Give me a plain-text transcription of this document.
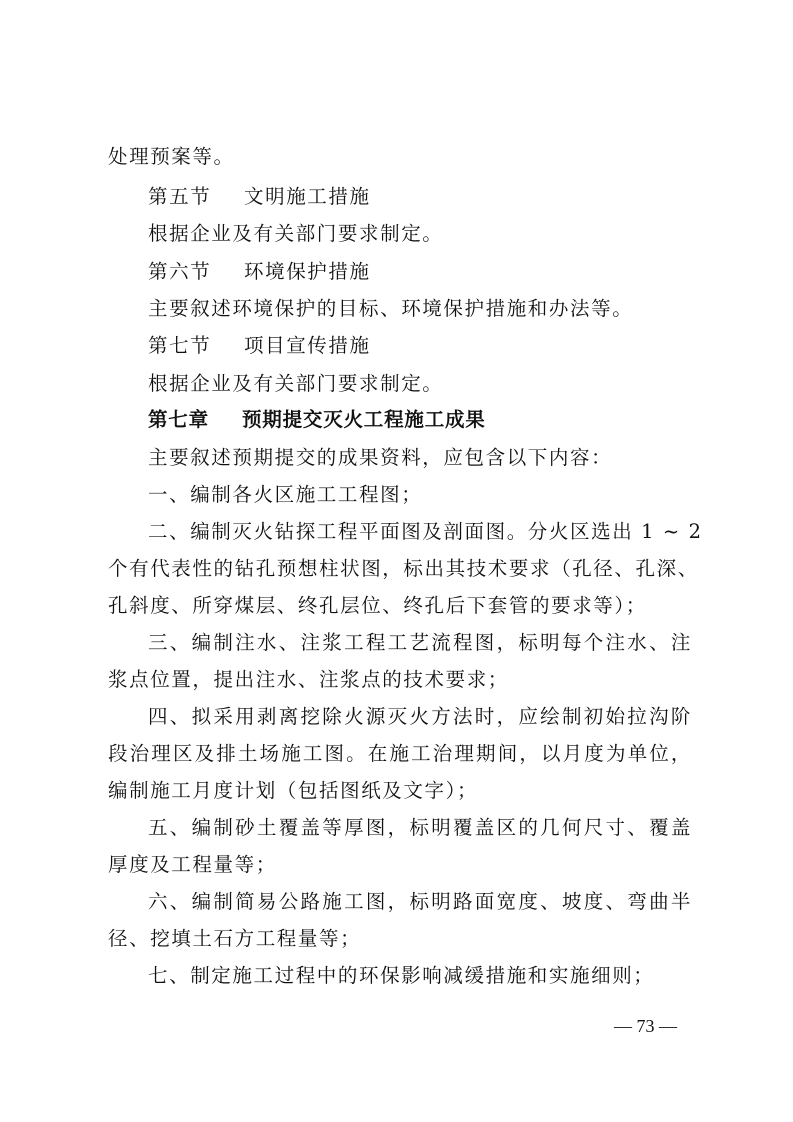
处理预案等。
第五节 文明施工措施
根据企业及有关部门要求制定。
第六节 环境保护措施
主要叙述环境保护的目标、环境保护措施和办法等。
第七节 项目宣传措施
根据企业及有关部门要求制定。
第七章 预期提交灭火工程施工成果
主要叙述预期提交的成果资料，应包含以下内容：
一、编制各火区施工工程图；
二、编制灭火钻探工程平面图及剖面图。分火区选出 1 ~ 2
个有代表性的钻孔预想柱状图，标出其技术要求（孔径、孔深、
孔斜度、所穿煤层、终孔层位、终孔后下套管的要求等）；
三、编制注水、注浆工程工艺流程图，标明每个注水、注
浆点位置，提出注水、注浆点的技术要求；
四、拟采用剥离挖除火源灭火方法时，应绘制初始拉沟阶
段治理区及排土场施工图。在施工治理期间，以月度为单位，
编制施工月度计划（包括图纸及文字）；
五、编制砂土覆盖等厚图，标明覆盖区的几何尺寸、覆盖
厚度及工程量等；
六、编制简易公路施工图，标明路面宽度、坡度、弯曲半
径、挖填土石方工程量等；
七、制定施工过程中的环保影响减缓措施和实施细则；
— 73 —
